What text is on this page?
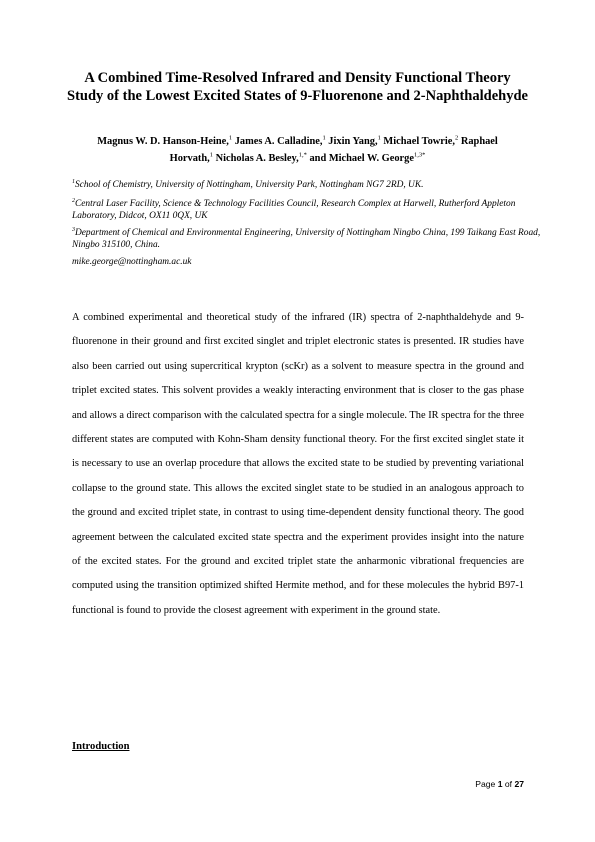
A Combined Time-Resolved Infrared and Density Functional Theory Study of the Lowest Excited States of 9-Fluorenone and 2-Naphthaldehyde
Magnus W. D. Hanson-Heine,$^1$ James A. Calladine,$^1$ Jixin Yang,$^1$ Michael Towrie,$^2$ Raphael Horvath,$^1$ Nicholas A. Besley,$^{1,*}$ and Michael W. George$^{1,3*}$
$^1$School of Chemistry, University of Nottingham, University Park, Nottingham NG7 2RD, UK.
$^2$Central Laser Facility, Science & Technology Facilities Council, Research Complex at Harwell, Rutherford Appleton Laboratory, Didcot, OX11 0QX, UK
$^3$Department of Chemical and Environmental Engineering, University of Nottingham Ningbo China, 199 Taikang East Road, Ningbo 315100, China.
mike.george@nottingham.ac.uk
A combined experimental and theoretical study of the infrared (IR) spectra of 2-naphthaldehyde and 9-fluorenone in their ground and first excited singlet and triplet electronic states is presented. IR studies have also been carried out using supercritical krypton (scKr) as a solvent to measure spectra in the ground and triplet excited states. This solvent provides a weakly interacting environment that is closer to the gas phase and allows a direct comparison with the calculated spectra for a single molecule. The IR spectra for the three different states are computed with Kohn-Sham density functional theory. For the first excited singlet state it is necessary to use an overlap procedure that allows the excited state to be studied by preventing variational collapse to the ground state. This allows the excited singlet state to be studied in an analogous approach to the ground and excited triplet state, in contrast to using time-dependent density functional theory. The good agreement between the calculated excited state spectra and the experiment provides insight into the nature of the excited states. For the ground and excited triplet state the anharmonic vibrational frequencies are computed using the transition optimized shifted Hermite method, and for these molecules the hybrid B97-1 functional is found to provide the closest agreement with experiment in the ground state.
Introduction
Page 1 of 27
